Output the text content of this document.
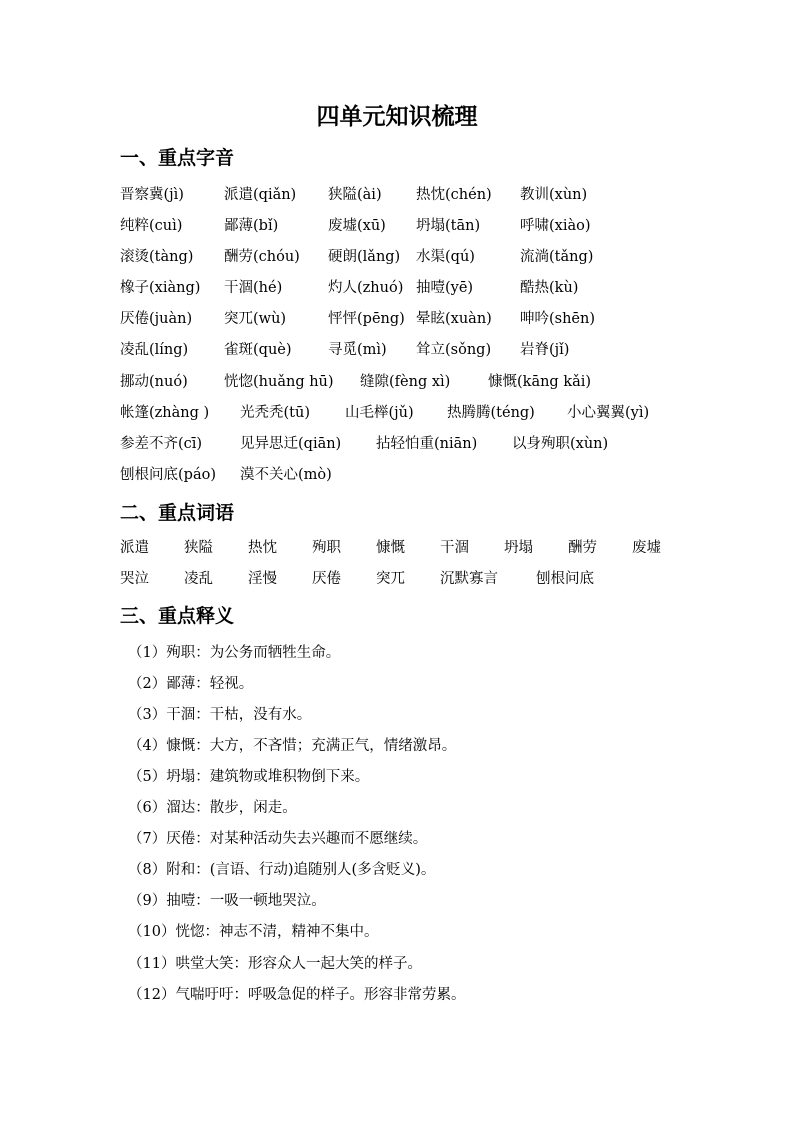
四单元知识梳理
一、重点字音
晋察冀(jì)	派遣(qiǎn) 狭隘(ài) 热忱(chén) 教训(xùn)
纯粹(cuì)	鄙薄(bǐ)	废墟(xū) 坍塌(tān)	呼啸(xiào)
滚烫(tàng) 酬劳(chóu) 硬朗(lǎng) 水渠(qú)	流淌(tǎng)
橡子(xiàng) 干涸(hé)	灼人(zhuó) 抽噎(yē)	酷热(kù)
厌倦(juàn) 突兀(wù)	怦怦(pēng) 晕眩(xuàn) 呻吟(shēn)
凌乱(líng) 雀斑(què)	寻觅(mì) 耸立(sǒng) 岩脊(jǐ)
挪动(nuó)	恍惚(huǎng hū) 缝隙(fèng xì)	慷慨(kāng kǎi)
帐篷(zhàng ) 光秃秃(tū) 山毛榉(jǔ) 热腾腾(téng) 小心翼翼(yì)
参差不齐(cī)	见异思迁(qiān) 拈轻怕重(niān) 以身殉职(xùn)
刨根问底(páo) 漠不关心(mò)
二、重点词语
派遣 狭隘 热忱 殉职 慷慨 干涸 坍塌 酬劳 废墟
哭泣 凌乱 淫慢 厌倦 突兀 沉默寡言	刨根问底
三、重点释义
（1）殉职：为公务而牺牲生命。
（2）鄙薄：轻视。
（3）干涸：干枯，没有水。
（4）慷慨：大方，不吝惜；充满正气，情绪激昂。
（5）坍塌：建筑物或堆积物倒下来。
（6）溜达：散步，闲走。
（7）厌倦：对某种活动失去兴趣而不愿继续。
（8）附和：(言语、行动)追随别人(多含贬义)。
（9）抽噎：一吸一顿地哭泣。
（10）恍惚：神志不清，精神不集中。
（11）哄堂大笑：形容众人一起大笑的样子。
（12）气喘吁吁：呼吸急促的样子。形容非常劳累。
